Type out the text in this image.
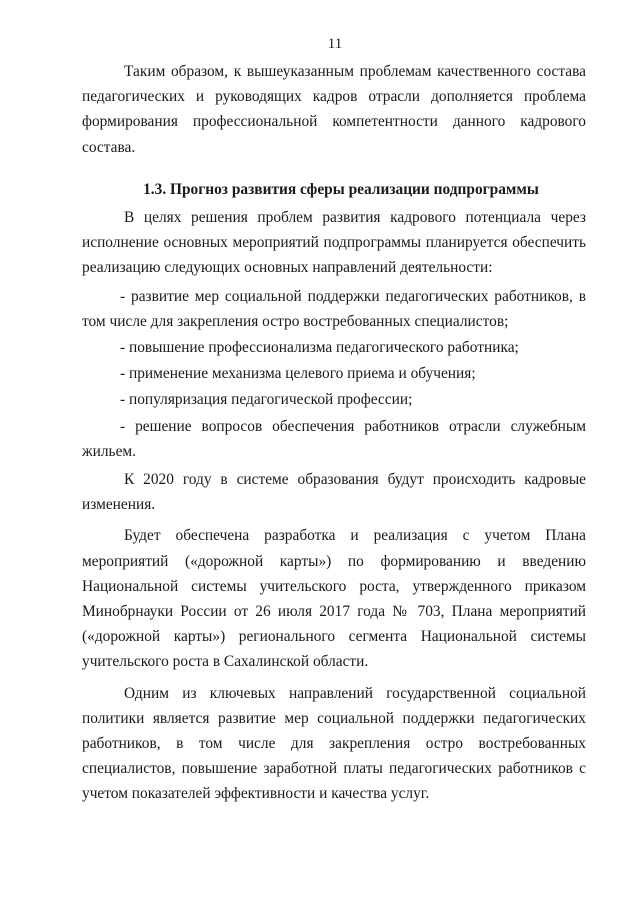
11

Таким образом, к вышеуказанным проблемам качественного состава педагогических и руководящих кадров отрасли дополняется проблема формирования профессиональной компетентности данного кадрового состава.

1.3. Прогноз развития сферы реализации подпрограммы

В целях решения проблем развития кадрового потенциала через исполнение основных мероприятий подпрограммы планируется обеспечить реализацию следующих основных направлений деятельности:

- развитие мер социальной поддержки педагогических работников, в том числе для закрепления остро востребованных специалистов;

- повышение профессионализма педагогического работника;

- применение механизма целевого приема и обучения;

- популяризация педагогической профессии;

- решение вопросов обеспечения работников отрасли служебным жильем.

К 2020 году в системе образования будут происходить кадровые изменения.

Будет обеспечена разработка и реализация с учетом Плана мероприятий («дорожной карты») по формированию и введению Национальной системы учительского роста, утвержденного приказом Минобрнауки России от 26 июля 2017 года № 703, Плана мероприятий («дорожной карты») регионального сегмента Национальной системы учительского роста в Сахалинской области.

Одним из ключевых направлений государственной социальной политики является развитие мер социальной поддержки педагогических работников, в том числе для закрепления остро востребованных специалистов, повышение заработной платы педагогических работников с учетом показателей эффективности и качества услуг.
